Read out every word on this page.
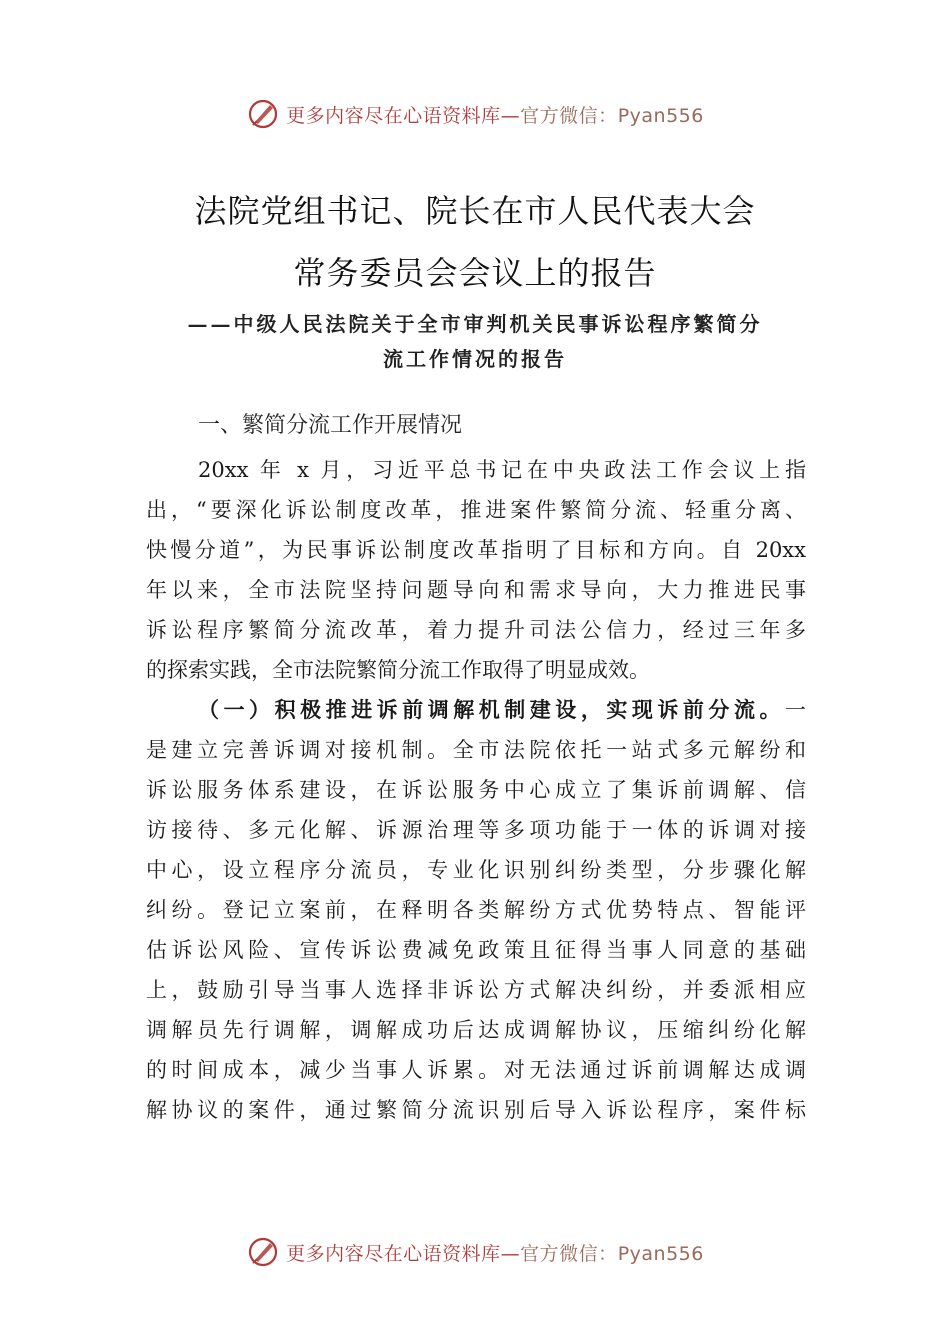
更多内容尽在心语资料库—官方微信：Pyan556
法院党组书记、院长在市人民代表大会
常务委员会会议上的报告
——中级人民法院关于全市审判机关民事诉讼程序繁简分
流工作情况的报告
一、繁简分流工作开展情况
20xx 年 x 月，习近平总书记在中央政法工作会议上指
出，“要深化诉讼制度改革，推进案件繁简分流、轻重分离、
快慢分道”，为民事诉讼制度改革指明了目标和方向。自 20xx
年以来，全市法院坚持问题导向和需求导向，大力推进民事
诉讼程序繁简分流改革，着力提升司法公信力，经过三年多
的探索实践，全市法院繁简分流工作取得了明显成效。
（一）积极推进诉前调解机制建设，实现诉前分流。一
是建立完善诉调对接机制。全市法院依托一站式多元解纷和
诉讼服务体系建设，在诉讼服务中心成立了集诉前调解、信
访接待、多元化解、诉源治理等多项功能于一体的诉调对接
中心，设立程序分流员，专业化识别纠纷类型，分步骤化解
纠纷。登记立案前，在释明各类解纷方式优势特点、智能评
估诉讼风险、宣传诉讼费减免政策且征得当事人同意的基础
上，鼓励引导当事人选择非诉讼方式解决纠纷，并委派相应
调解员先行调解，调解成功后达成调解协议，压缩纠纷化解
的时间成本，减少当事人诉累。对无法通过诉前调解达成调
解协议的案件，通过繁简分流识别后导入诉讼程序，案件标
更多内容尽在心语资料库—官方微信：Pyan556
